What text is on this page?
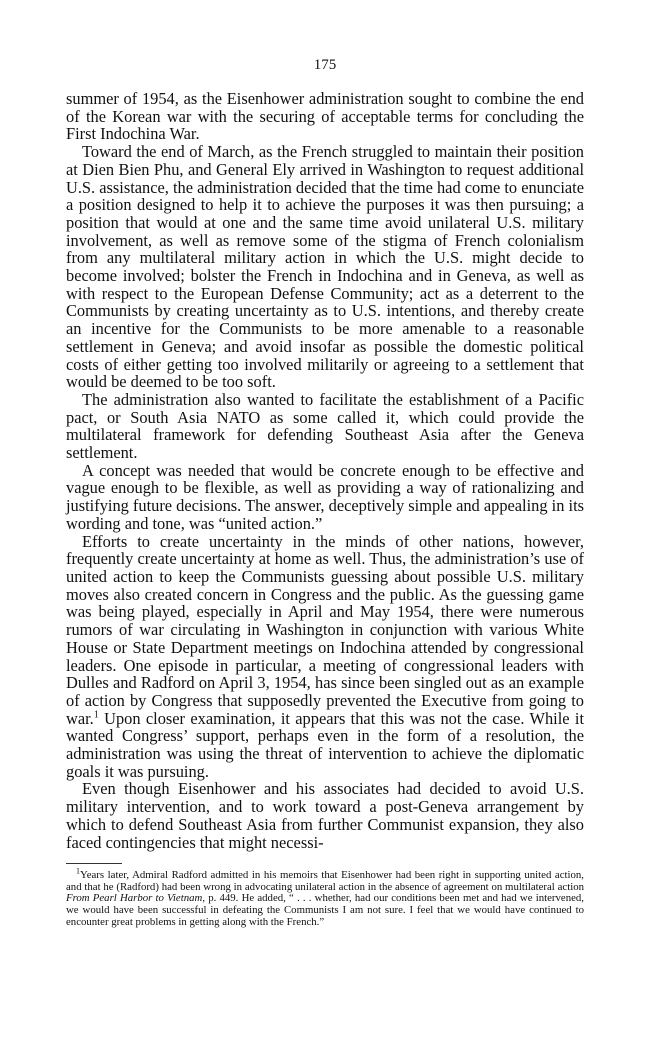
175

summer of 1954, as the Eisenhower administration sought to combine the end of the Korean war with the securing of acceptable terms for concluding the First Indochina War.

Toward the end of March, as the French struggled to maintain their position at Dien Bien Phu, and General Ely arrived in Washington to request additional U.S. assistance, the administration decided that the time had come to enunciate a position designed to help it to achieve the purposes it was then pursuing; a position that would at one and the same time avoid unilateral U.S. military involvement, as well as remove some of the stigma of French colonialism from any multilateral military action in which the U.S. might decide to become involved; bolster the French in Indochina and in Geneva, as well as with respect to the European Defense Community; act as a deterrent to the Communists by creating uncertainty as to U.S. intentions, and thereby create an incentive for the Communists to be more amenable to a reasonable settlement in Geneva; and avoid insofar as possible the domestic political costs of either getting too involved militarily or agreeing to a settlement that would be deemed to be too soft.

The administration also wanted to facilitate the establishment of a Pacific pact, or South Asia NATO as some called it, which could provide the multilateral framework for defending Southeast Asia after the Geneva settlement.

A concept was needed that would be concrete enough to be effective and vague enough to be flexible, as well as providing a way of rationalizing and justifying future decisions. The answer, deceptively simple and appealing in its wording and tone, was “united action.”

Efforts to create uncertainty in the minds of other nations, however, frequently create uncertainty at home as well. Thus, the administration’s use of united action to keep the Communists guessing about possible U.S. military moves also created concern in Congress and the public. As the guessing game was being played, especially in April and May 1954, there were numerous rumors of war circulating in Washington in conjunction with various White House or State Department meetings on Indochina attended by congressional leaders. One episode in particular, a meeting of congressional leaders with Dulles and Radford on April 3, 1954, has since been singled out as an example of action by Congress that supposedly prevented the Executive from going to war.$^1$ Upon closer examination, it appears that this was not the case. While it wanted Congress’ support, perhaps even in the form of a resolution, the administration was using the threat of intervention to achieve the diplomatic goals it was pursuing.

Even though Eisenhower and his associates had decided to avoid U.S. military intervention, and to work toward a post-Geneva arrangement by which to defend Southeast Asia from further Communist expansion, they also faced contingencies that might necessi-

$^1$Years later, Admiral Radford admitted in his memoirs that Eisenhower had been right in supporting united action, and that he (Radford) had been wrong in advocating unilateral action in the absence of agreement on multilateral action From Pearl Harbor to Vietnam, p. 449. He added, “ . . . whether, had our conditions been met and had we intervened, we would have been successful in defeating the Communists I am not sure. I feel that we would have continued to encounter great problems in getting along with the French.”
